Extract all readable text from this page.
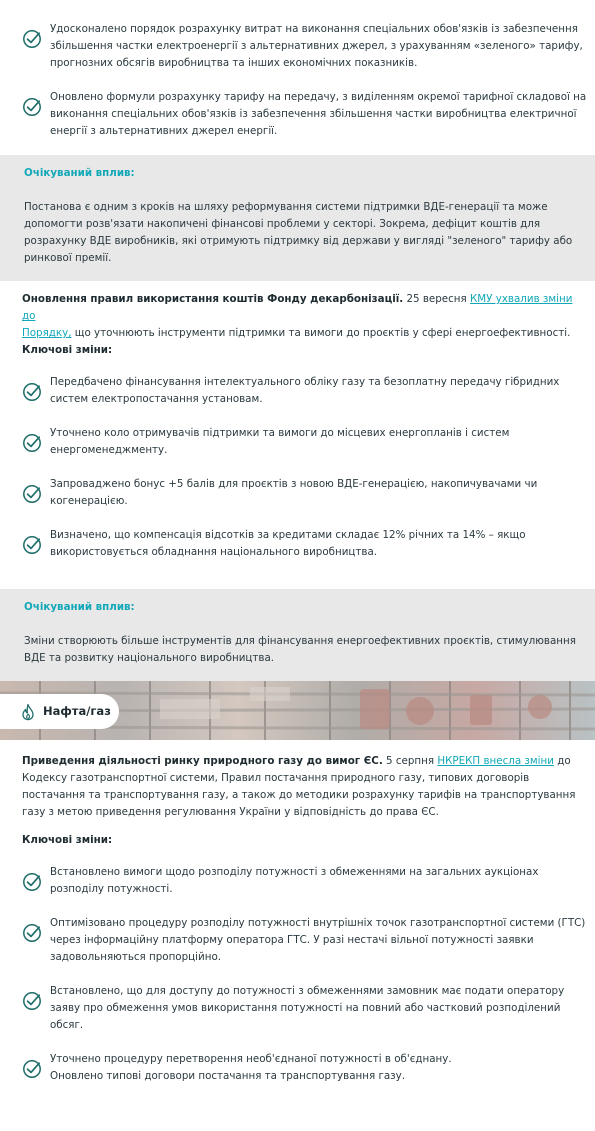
Удосконалено порядок розрахунку витрат на виконання спеціальних обов'язків із забезпечення
збільшення частки електроенергії з альтернативних джерел, з урахуванням «зеленого» тарифу,
прогнозних обсягів виробництва та інших економічних показників.
Оновлено формули розрахунку тарифу на передачу, з виділенням окремої тарифної складової на
виконання спеціальних обов'язків із забезпечення збільшення частки виробництва електричної
енергії з альтернативних джерел енергії.
Очікуваний вплив:
Постанова є одним з кроків на шляху реформування системи підтримки ВДЕ-генерації та може
допомогти розв'язати накопичені фінансові проблеми у секторі. Зокрема, дефіцит коштів для
розрахунку ВДЕ виробників, які отримують підтримку від держави у вигляді "зеленого" тарифу або
ринкової премії.
Оновлення правил використання коштів Фонду декарбонізації. 25 вересня КМУ ухвалив зміни до
Порядку, що уточнюють інструменти підтримки та вимоги до проєктів у сфері енергоефективності.
Ключові зміни:
Передбачено фінансування інтелектуального обліку газу та безоплатну передачу гібридних
систем електропостачання установам.
Уточнено коло отримувачів підтримки та вимоги до місцевих енергопланів і систем
енергоменеджменту.
Запроваджено бонус +5 балів для проєктів з новою ВДЕ-генерацією, накопичувачами чи
когенерацією.
Визначено, що компенсація відсотків за кредитами складає 12% річних та 14% – якщо
використовується обладнання національного виробництва.
Очікуваний вплив:
Зміни створюють більше інструментів для фінансування енергоефективних проєктів, стимулювання
ВДЕ та розвитку національного виробництва.
Нафта/газ
Приведення діяльності ринку природного газу до вимог ЄС. 5 серпня НКРЕКП внесла зміни до
Кодексу газотранспортної системи, Правил постачання природного газу, типових договорів
постачання та транспортування газу, а також до методики розрахунку тарифів на транспортування
газу з метою приведення регулювання України у відповідність до права ЄС.
Ключові зміни:
Встановлено вимоги щодо розподілу потужності з обмеженнями на загальних аукціонах
розподілу потужності.
Оптимізовано процедуру розподілу потужності внутрішніх точок газотранспортної системи (ГТС)
через інформаційну платформу оператора ГТС. У разі нестачі вільної потужності заявки
задовольняються пропорційно.
Встановлено, що для доступу до потужності з обмеженнями замовник має подати оператору
заяву про обмеження умов використання потужності на повний або частковий розподілений
обсяг.
Уточнено процедуру перетворення необ'єднаної потужності в об'єднану.
Оновлено типові договори постачання та транспортування газу.
